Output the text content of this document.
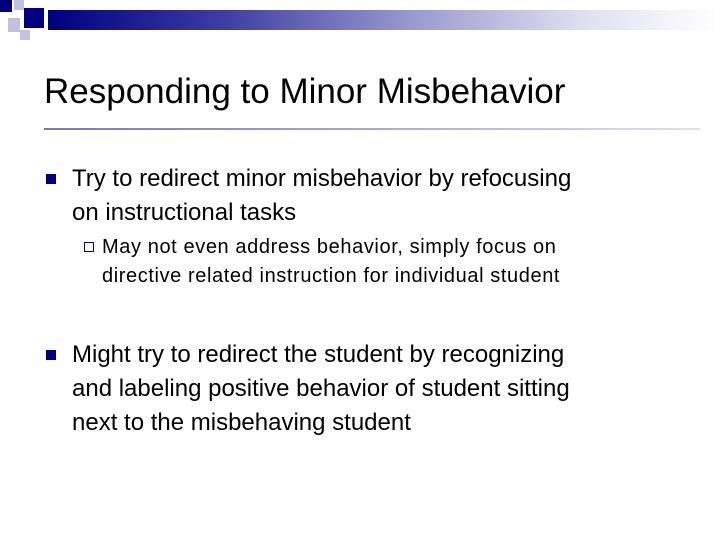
Responding to Minor Misbehavior
Try to redirect minor misbehavior by refocusing
on instructional tasks
May not even address behavior, simply focus on
directive related instruction for individual student
Might try to redirect the student by recognizing
and labeling positive behavior of student sitting
next to the misbehaving student
